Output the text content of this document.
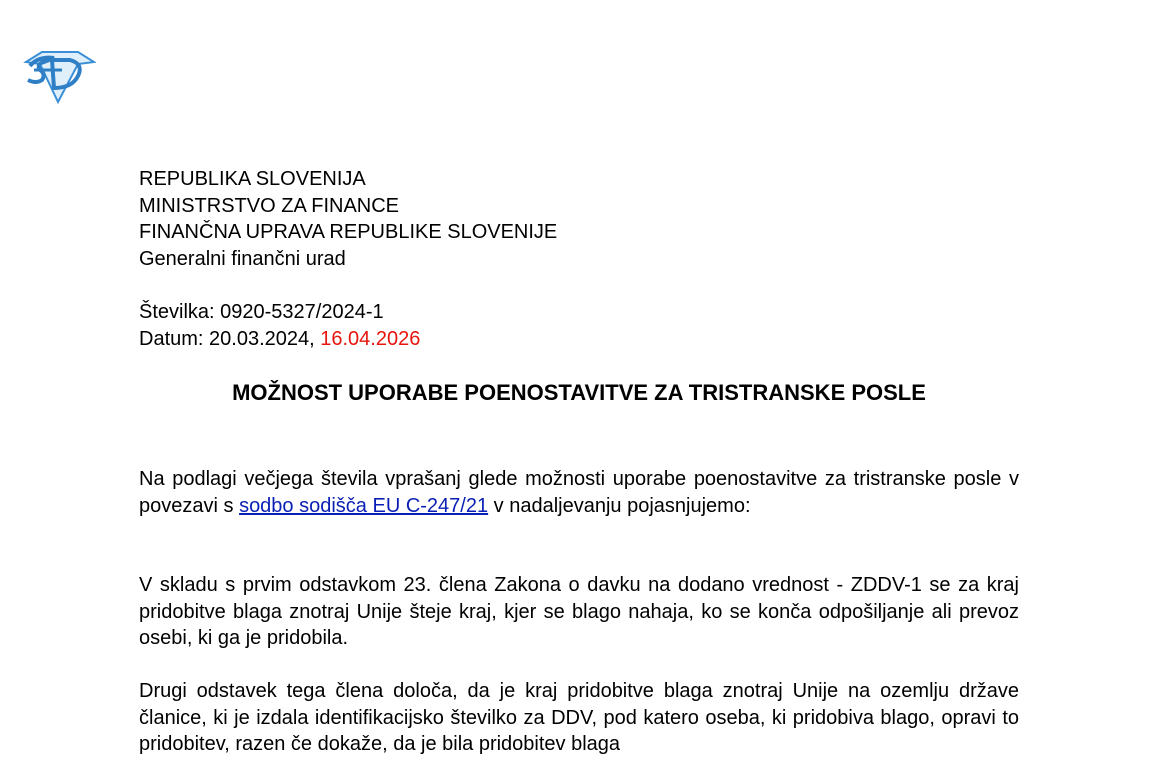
REPUBLIKA SLOVENIJA
MINISTRSTVO ZA FINANCE
FINANČNA UPRAVA REPUBLIKE SLOVENIJE
Generalni finančni urad
Številka: 0920-5327/2024-1
Datum: 20.03.2024, 16.04.2026
MOŽNOST UPORABE POENOSTAVITVE ZA TRISTRANSKE POSLE
Na podlagi večjega števila vprašanj glede možnosti uporabe poenostavitve za tristranske posle v povezavi s sodbo sodišča EU C-247/21 v nadaljevanju pojasnjujemo:
V skladu s prvim odstavkom 23. člena Zakona o davku na dodano vrednost - ZDDV-1 se za kraj pridobitve blaga znotraj Unije šteje kraj, kjer se blago nahaja, ko se konča odpošiljanje ali prevoz osebi, ki ga je pridobila.
Drugi odstavek tega člena določa, da je kraj pridobitve blaga znotraj Unije na ozemlju države članice, ki je izdala identifikacijsko številko za DDV, pod katero oseba, ki pridobiva blago, opravi to pridobitev, razen če dokaže, da je bila pridobitev blaga
